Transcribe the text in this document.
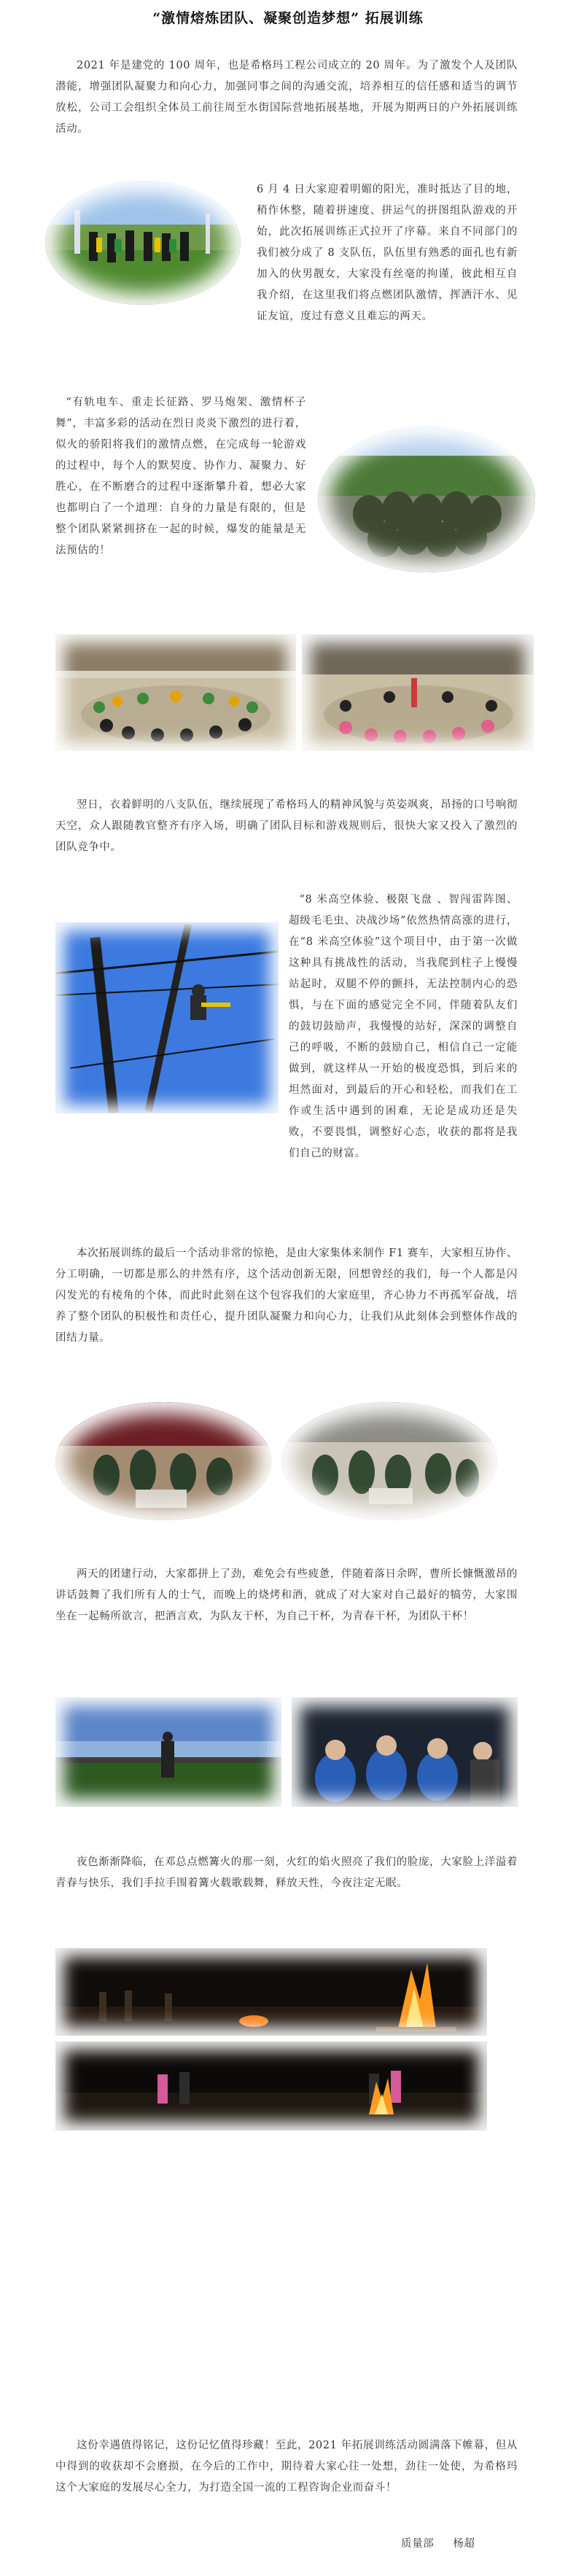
“激情熔炼团队、凝聚创造梦想” 拓展训练

2021 年是建党的 100 周年，也是希格玛工程公司成立的 20 周年。为了激发个人及团队潜能，增强团队凝聚力和向心力，加强同事之间的沟通交流，培养相互的信任感和适当的调节放松，公司工会组织全体员工前往周至水街国际营地拓展基地，开展为期两日的户外拓展训练活动。

6 月 4 日大家迎着明媚的阳光，准时抵达了目的地，稍作休整，随着拼速度、拼运气的拼图组队游戏的开始，此次拓展训练正式拉开了序幕。来自不同部门的我们被分成了 8 支队伍，队伍里有熟悉的面孔也有新加入的伙男靓女，大家没有丝毫的拘谨，彼此相互自我介绍，在这里我们将点燃团队激情，挥洒汗水、见证友谊，度过有意义且难忘的两天。

“有轨电车、重走长征路、罗马炮架、激情杯子舞”，丰富多彩的活动在烈日炎炎下激烈的进行着，似火的骄阳将我们的激情点燃，在完成每一轮游戏的过程中，每个人的默契度、协作力、凝聚力、好胜心，在不断磨合的过程中逐渐攀升着，想必大家也都明白了一个道理：自身的力量是有限的，但是整个团队紧紧拥挤在一起的时候，爆发的能量是无法预估的！

翌日，衣着鲜明的八支队伍，继续展现了希格玛人的精神风貌与英姿飒爽，昂扬的口号响彻天空，众人跟随教官整齐有序入场，明确了团队目标和游戏规则后，很快大家又投入了激烈的团队竞争中。

“8 米高空体验、极限飞盘 、智闯雷阵图、超级毛毛虫、决战沙场”依然热情高涨的进行，在“8 米高空体验”这个项目中，由于第一次做这种具有挑战性的活动，当我爬到柱子上慢慢站起时，双腿不停的颤抖，无法控制内心的恐惧，与在下面的感觉完全不同，伴随着队友们的鼓切鼓励声，我慢慢的站好，深深的调整自己的呼吸，不断的鼓励自己，相信自己一定能做到，就这样从一开始的极度恐惧，到后来的坦然面对，到最后的开心和轻松，而我们在工作或生活中遇到的困难，无论是成功还是失败，不要畏惧，调整好心态，收获的都将是我们自己的财富。

本次拓展训练的最后一个活动非常的惊艳，是由大家集体来制作 F1 赛车，大家相互协作、分工明确，一切都是那么的井然有序，这个活动创新无限，回想曾经的我们，每一个人都是闪闪发光的有棱角的个体，而此时此刻在这个包容我们的大家庭里，齐心协力不再孤军奋战，培养了整个团队的积极性和责任心，提升团队凝聚力和向心力，让我们从此刻体会到整体作战的团结力量。

两天的团建行动，大家都拼上了劲，难免会有些疲惫，伴随着落日余晖，曹所长慷慨激昂的讲话鼓舞了我们所有人的士气，而晚上的烧烤和酒，就成了对大家对自己最好的犒劳，大家围坐在一起畅所欲言，把酒言欢，为队友干杯，为自己干杯，为青春干杯，为团队干杯！

夜色渐渐降临，在邓总点燃篝火的那一刻，火红的焰火照亮了我们的脸庞，大家脸上洋溢着青春与快乐，我们手拉手围着篝火载歌载舞，释放天性，今夜注定无眠。

这份幸遇值得铭记，这份记忆值得珍藏！至此，2021 年拓展训练活动圆满落下帷幕，但从中得到的收获却不会磨损，在今后的工作中，期待着大家心往一处想，劲往一处使，为希格玛这个大家庭的发展尽心全力，为打造全国一流的工程咨询企业而奋斗！

质量部 杨超
